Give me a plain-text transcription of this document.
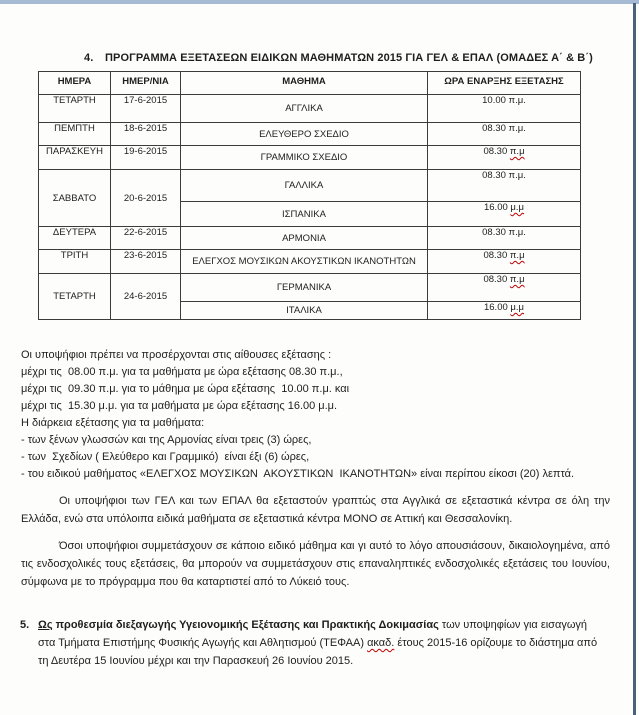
4.	ΠΡΟΓΡΑΜΜΑ ΕΞΕΤΑΣΕΩΝ ΕΙΔΙΚΩΝ ΜΑΘΗΜΑΤΩΝ 2015 ΓΙΑ ΓΕΛ & ΕΠΑΛ (ΟΜΑΔΕΣ Α΄ & Β΄)
ΗΜΕΡΑ	ΗΜΕΡ/ΝΙΑ	ΜΑΘΗΜΑ	ΩΡΑ ΕΝΑΡΞΗΣ ΕΞΕΤΑΣΗΣ
ΤΕΤΑΡΤΗ	17-6-2015	ΑΓΓΛΙΚΑ	10.00 π.μ.
ΠΕΜΠΤΗ	18-6-2015	ΕΛΕΥΘΕΡΟ ΣΧΕΔΙΟ	08.30 π.μ.
ΠΑΡΑΣΚΕΥΗ	19-6-2015	ΓΡΑΜΜΙΚΟ ΣΧΕΔΙΟ	08.30 π.μ
ΣΑΒΒΑΤΟ	20-6-2015	ΓΑΛΛΙΚΑ	08.30 π.μ.
		ΙΣΠΑΝΙΚΑ	16.00 μ.μ
ΔΕΥΤΕΡΑ	22-6-2015	ΑΡΜΟΝΙΑ	08.30 π.μ.
ΤΡΙΤΗ	23-6-2015	ΕΛΕΓΧΟΣ ΜΟΥΣΙΚΩΝ ΑΚΟΥΣΤΙΚΩΝ ΙΚΑΝΟΤΗΤΩΝ	08.30 π.μ
ΤΕΤΑΡΤΗ	24-6-2015	ΓΕΡΜΑΝΙΚΑ	08.30 π.μ
		ΙΤΑΛΙΚΑ	16.00 μ.μ
Οι υποψήφιοι πρέπει να προσέρχονται στις αίθουσες εξέτασης :
μέχρι τις  08.00 π.μ. για τα μαθήματα με ώρα εξέτασης 08.30 π.μ.,
μέχρι τις  09.30 π.μ. για το μάθημα με ώρα εξέτασης  10.00 π.μ. και
μέχρι τις  15.30 μ.μ. για τα μαθήματα με ώρα εξέτασης 16.00 μ.μ.
Η διάρκεια εξέτασης για τα μαθήματα:
- των ξένων γλωσσών και της Αρμονίας είναι τρεις (3) ώρες,
- των  Σχεδίων ( Ελεύθερο και Γραμμικό)  είναι έξι (6) ώρες,
- του ειδικού μαθήματος «ΕΛΕΓΧΟΣ ΜΟΥΣΙΚΩΝ  ΑΚΟΥΣΤΙΚΩΝ  ΙΚΑΝΟΤΗΤΩΝ» είναι περίπου είκοσι (20) λεπτά.
Οι υποψήφιοι των ΓΕΛ και των ΕΠΑΛ θα εξεταστούν γραπτώς στα Αγγλικά σε εξεταστικά κέντρα σε όλη την Ελλάδα, ενώ στα υπόλοιπα ειδικά μαθήματα σε εξεταστικά κέντρα ΜΟΝΟ σε Αττική και Θεσσαλονίκη.
Όσοι υποψήφιοι συμμετάσχουν σε κάποιο ειδικό μάθημα και γι αυτό το λόγο απουσιάσουν, δικαιολογημένα, από τις ενδοσχολικές τους εξετάσεις, θα μπορούν να συμμετάσχουν στις επαναληπτικές ενδοσχολικές εξετάσεις του Ιουνίου, σύμφωνα με το πρόγραμμα που θα καταρτιστεί από το Λύκειό τους.
5. Ως προθεσμία διεξαγωγής Υγειονομικής Εξέτασης και Πρακτικής Δοκιμασίας των υποψηφίων για εισαγωγή στα Τμήματα Επιστήμης Φυσικής Αγωγής και Αθλητισμού (ΤΕΦΑΑ) ακαδ. έτους 2015-16 ορίζουμε το διάστημα από τη Δευτέρα 15 Ιουνίου μέχρι και την Παρασκευή 26 Ιουνίου 2015.
